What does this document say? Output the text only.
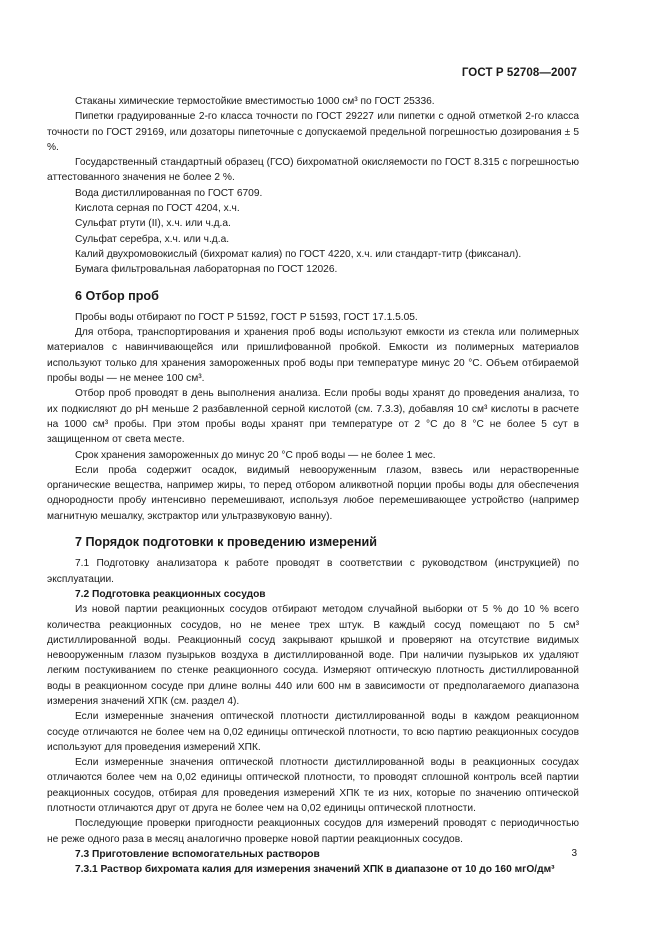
ГОСТ Р 52708—2007

Стаканы химические термостойкие вместимостью 1000 см³ по ГОСТ 25336.

Пипетки градуированные 2-го класса точности по ГОСТ 29227 или пипетки с одной отметкой 2-го класса точности по ГОСТ 29169, или дозаторы пипеточные с допускаемой предельной погрешностью дозирования ± 5 %.

Государственный стандартный образец (ГСО) бихроматной окисляемости по ГОСТ 8.315 с погрешностью аттестованного значения не более 2 %.

Вода дистиллированная по ГОСТ 6709.

Кислота серная по ГОСТ 4204, х.ч.

Сульфат ртути (II), х.ч. или ч.д.а.

Сульфат серебра, х.ч. или ч.д.а.

Калий двухромовокислый (бихромат калия) по ГОСТ 4220, х.ч. или стандарт-титр (фиксанал).

Бумага фильтровальная лабораторная по ГОСТ 12026.

6 Отбор проб

Пробы воды отбирают по ГОСТ Р 51592, ГОСТ Р 51593, ГОСТ 17.1.5.05.

Для отбора, транспортирования и хранения проб воды используют емкости из стекла или полимерных материалов с навинчивающейся или пришлифованной пробкой. Емкости из полимерных материалов используют только для хранения замороженных проб воды при температуре минус 20 °С. Объем отбираемой пробы воды — не менее 100 см³.

Отбор проб проводят в день выполнения анализа. Если пробы воды хранят до проведения анализа, то их подкисляют до pH меньше 2 разбавленной серной кислотой (см. 7.3.3), добавляя 10 см³ кислоты в расчете на 1000 см³ пробы. При этом пробы воды хранят при температуре от 2 °С до 8 °С не более 5 сут в защищенном от света месте.

Срок хранения замороженных до минус 20 °С проб воды — не более 1 мес.

Если проба содержит осадок, видимый невооруженным глазом, взвесь или нерастворенные органические вещества, например жиры, то перед отбором аликвотной порции пробы воды для обеспечения однородности пробу интенсивно перемешивают, используя любое перемешивающее устройство (например магнитную мешалку, экстрактор или ультразвуковую ванну).

7 Порядок подготовки к проведению измерений

7.1 Подготовку анализатора к работе проводят в соответствии с руководством (инструкцией) по эксплуатации.

7.2 Подготовка реакционных сосудов

Из новой партии реакционных сосудов отбирают методом случайной выборки от 5 % до 10 % всего количества реакционных сосудов, но не менее трех штук. В каждый сосуд помещают по 5 см³ дистиллированной воды. Реакционный сосуд закрывают крышкой и проверяют на отсутствие видимых невооруженным глазом пузырьков воздуха в дистиллированной воде. При наличии пузырьков их удаляют легким постукиванием по стенке реакционного сосуда. Измеряют оптическую плотность дистиллированной воды в реакционном сосуде при длине волны 440 или 600 нм в зависимости от предполагаемого диапазона измерения значений ХПК (см. раздел 4).

Если измеренные значения оптической плотности дистиллированной воды в каждом реакционном сосуде отличаются не более чем на 0,02 единицы оптической плотности, то всю партию реакционных сосудов используют для проведения измерений ХПК.

Если измеренные значения оптической плотности дистиллированной воды в реакционных сосудах отличаются более чем на 0,02 единицы оптической плотности, то проводят сплошной контроль всей партии реакционных сосудов, отбирая для проведения измерений ХПК те из них, которые по значению оптической плотности отличаются друг от друга не более чем на 0,02 единицы оптической плотности.

Последующие проверки пригодности реакционных сосудов для измерений проводят с периодичностью не реже одного раза в месяц аналогично проверке новой партии реакционных сосудов.

7.3 Приготовление вспомогательных растворов

7.3.1 Раствор бихромата калия для измерения значений ХПК в диапазоне от 10 до 160 мгО/дм³

3
